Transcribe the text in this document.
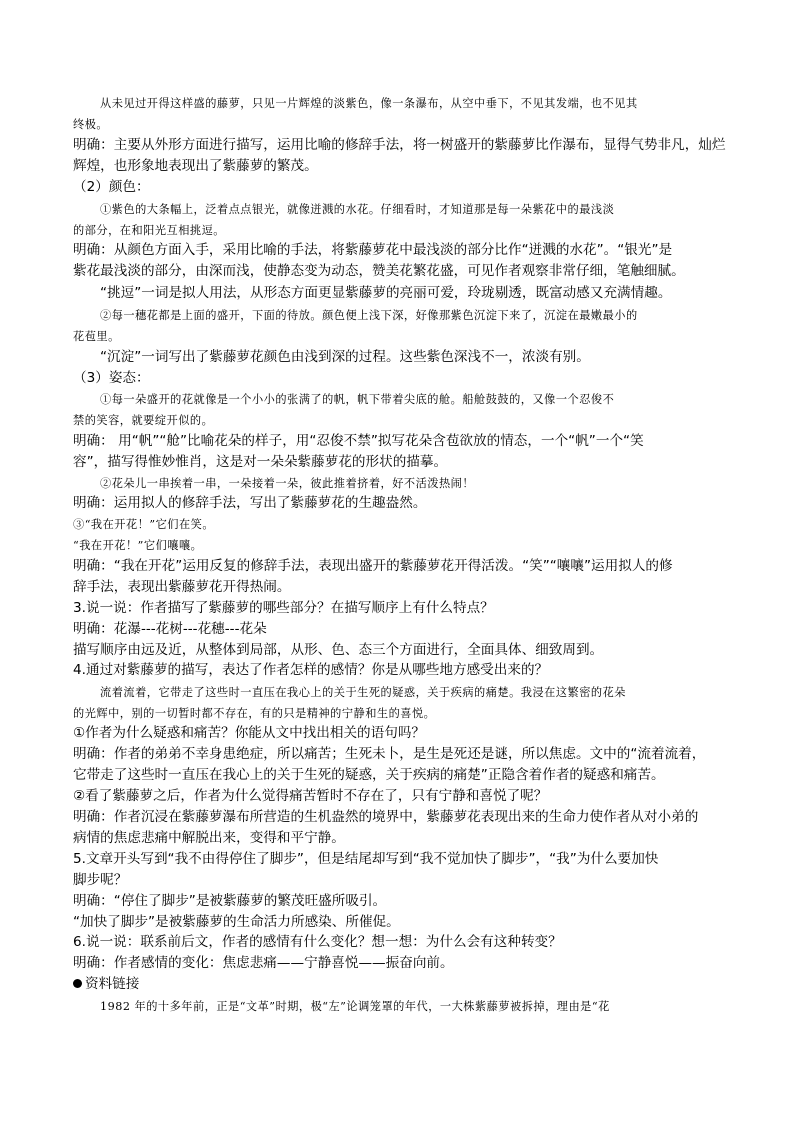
从未见过开得这样盛的藤萝，只见一片辉煌的淡紫色，像一条瀑布，从空中垂下，不见其发端，也不见其
终极。
明确：主要从外形方面进行描写，运用比喻的修辞手法，将一树盛开的紫藤萝比作瀑布，显得气势非凡，灿烂
辉煌，也形象地表现出了紫藤萝的繁茂。
（2）颜色：
①紫色的大条幅上，泛着点点银光，就像迸溅的水花。仔细看时，才知道那是每一朵紫花中的最浅淡
的部分，在和阳光互相挑逗。
明确：从颜色方面入手，采用比喻的手法，将紫藤萝花中最浅淡的部分比作“迸溅的水花”。“银光”是
紫花最浅淡的部分，由深而浅，使静态变为动态，赞美花繁花盛，可见作者观察非常仔细，笔触细腻。
“挑逗”一词是拟人用法，从形态方面更显紫藤萝的亮丽可爱，玲珑剔透，既富动感又充满情趣。
②每一穗花都是上面的盛开，下面的待放。颜色便上浅下深，好像那紫色沉淀下来了，沉淀在最嫩最小的
花苞里。
“沉淀”一词写出了紫藤萝花颜色由浅到深的过程。这些紫色深浅不一，浓淡有别。
（3）姿态：
①每一朵盛开的花就像是一个小小的张满了的帆，帆下带着尖底的舱。船舱鼓鼓的，又像一个忍俊不
禁的笑容，就要绽开似的。
明确： 用“帆”“舱”比喻花朵的样子，用“忍俊不禁”拟写花朵含苞欲放的情态，一个“帆”一个“笑
容”，描写得惟妙惟肖，这是对一朵朵紫藤萝花的形状的描摹。
②花朵儿一串挨着一串，一朵接着一朵，彼此推着挤着，好不活泼热闹！
明确：运用拟人的修辞手法，写出了紫藤萝花的生趣盎然。
③“我在开花！”它们在笑。
“我在开花！”它们嚷嚷。
明确：“我在开花”运用反复的修辞手法，表现出盛开的紫藤萝花开得活泼。“笑”“嚷嚷”运用拟人的修
辞手法，表现出紫藤萝花开得热闹。
3.说一说：作者描写了紫藤萝的哪些部分？在描写顺序上有什么特点？
明确：花瀑---花树---花穗---花朵
描写顺序由远及近，从整体到局部，从形、色、态三个方面进行，全面具体、细致周到。
4.通过对紫藤萝的描写，表达了作者怎样的感情？你是从哪些地方感受出来的？
流着流着，它带走了这些时一直压在我心上的关于生死的疑惑，关于疾病的痛楚。我浸在这繁密的花朵
的光辉中，别的一切暂时都不存在，有的只是精神的宁静和生的喜悦。
①作者为什么疑惑和痛苦？你能从文中找出相关的语句吗？
明确：作者的弟弟不幸身患绝症，所以痛苦；生死未卜，是生是死还是谜，所以焦虑。文中的“流着流着，
它带走了这些时一直压在我心上的关于生死的疑惑，关于疾病的痛楚”正隐含着作者的疑惑和痛苦。
②看了紫藤萝之后，作者为什么觉得痛苦暂时不存在了，只有宁静和喜悦了呢？
明确：作者沉浸在紫藤萝瀑布所营造的生机盎然的境界中，紫藤萝花表现出来的生命力使作者从对小弟的
病情的焦虑悲痛中解脱出来，变得和平宁静。
5.文章开头写到“我不由得停住了脚步”，但是结尾却写到“我不觉加快了脚步”，“我”为什么要加快
脚步呢？
明确：“停住了脚步”是被紫藤萝的繁茂旺盛所吸引。
“加快了脚步”是被紫藤萝的生命活力所感染、所催促。
6.说一说：联系前后文，作者的感情有什么变化？想一想：为什么会有这种转变？
明确：作者感情的变化：焦虑悲痛——宁静喜悦——振奋向前。
资料链接
1982 年的十多年前，正是“文革”时期，极“左”论调笼罩的年代，一大株紫藤萝被拆掉，理由是“花
